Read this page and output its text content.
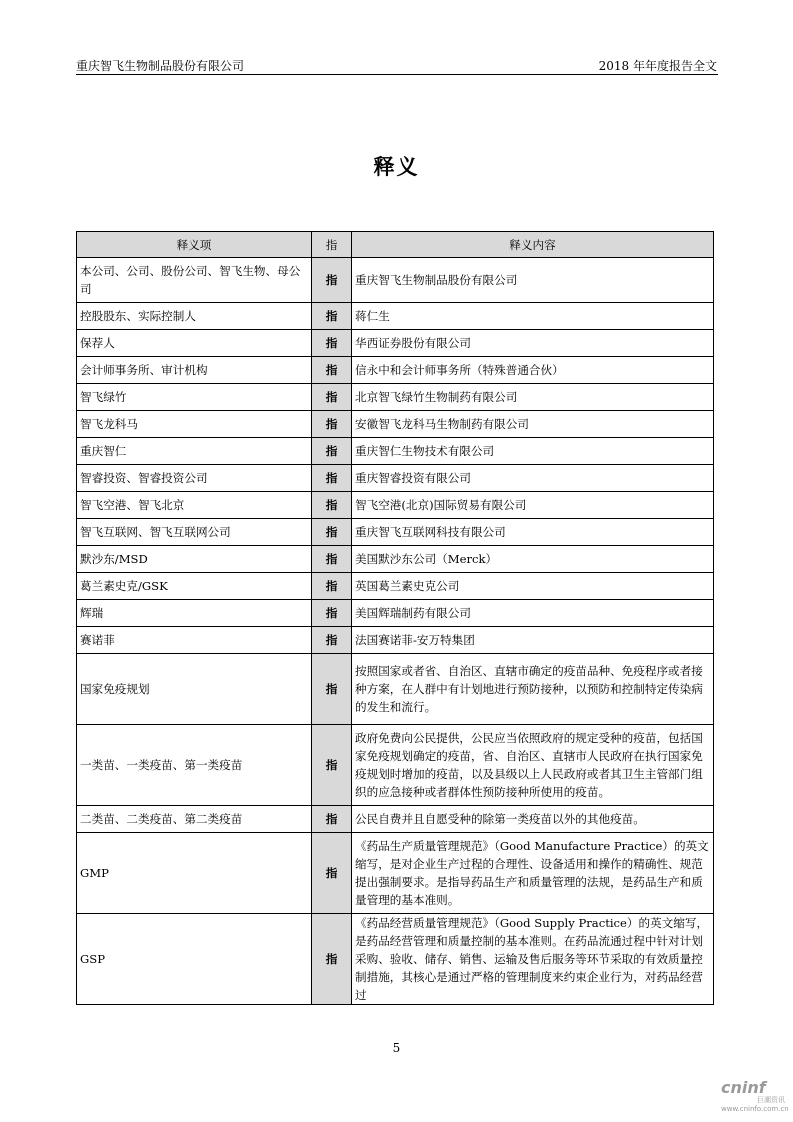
重庆智飞生物制品股份有限公司	2018 年年度报告全文
释义
释义项	指	释义内容
本公司、公司、股份公司、智飞生物、母公司	指	重庆智飞生物制品股份有限公司
控股股东、实际控制人	指	蒋仁生
保荐人	指	华西证券股份有限公司
会计师事务所、审计机构	指	信永中和会计师事务所（特殊普通合伙）
智飞绿竹	指	北京智飞绿竹生物制药有限公司
智飞龙科马	指	安徽智飞龙科马生物制药有限公司
重庆智仁	指	重庆智仁生物技术有限公司
智睿投资、智睿投资公司	指	重庆智睿投资有限公司
智飞空港、智飞北京	指	智飞空港(北京)国际贸易有限公司
智飞互联网、智飞互联网公司	指	重庆智飞互联网科技有限公司
默沙东/MSD	指	美国默沙东公司（Merck）
葛兰素史克/GSK	指	英国葛兰素史克公司
辉瑞	指	美国辉瑞制药有限公司
赛诺菲	指	法国赛诺菲-安万特集团
国家免疫规划	指	按照国家或者省、自治区、直辖市确定的疫苗品种、免疫程序或者接种方案，在人群中有计划地进行预防接种，以预防和控制特定传染病的发生和流行。
一类苗、一类疫苗、第一类疫苗	指	政府免费向公民提供，公民应当依照政府的规定受种的疫苗，包括国家免疫规划确定的疫苗，省、自治区、直辖市人民政府在执行国家免疫规划时增加的疫苗，以及县级以上人民政府或者其卫生主管部门组织的应急接种或者群体性预防接种所使用的疫苗。
二类苗、二类疫苗、第二类疫苗	指	公民自费并且自愿受种的除第一类疫苗以外的其他疫苗。
GMP	指	《药品生产质量管理规范》（Good Manufacture Practice）的英文缩写，是对企业生产过程的合理性、设备适用和操作的精确性、规范提出强制要求。是指导药品生产和质量管理的法规，是药品生产和质量管理的基本准则。
GSP	指	《药品经营质量管理规范》（Good Supply Practice）的英文缩写，是药品经营管理和质量控制的基本准则。在药品流通过程中针对计划采购、验收、储存、销售、运输及售后服务等环节采取的有效质量控制措施，其核心是通过严格的管理制度来约束企业行为，对药品经营过
5
cninf
巨潮资讯
www.cninfo.com.cn
